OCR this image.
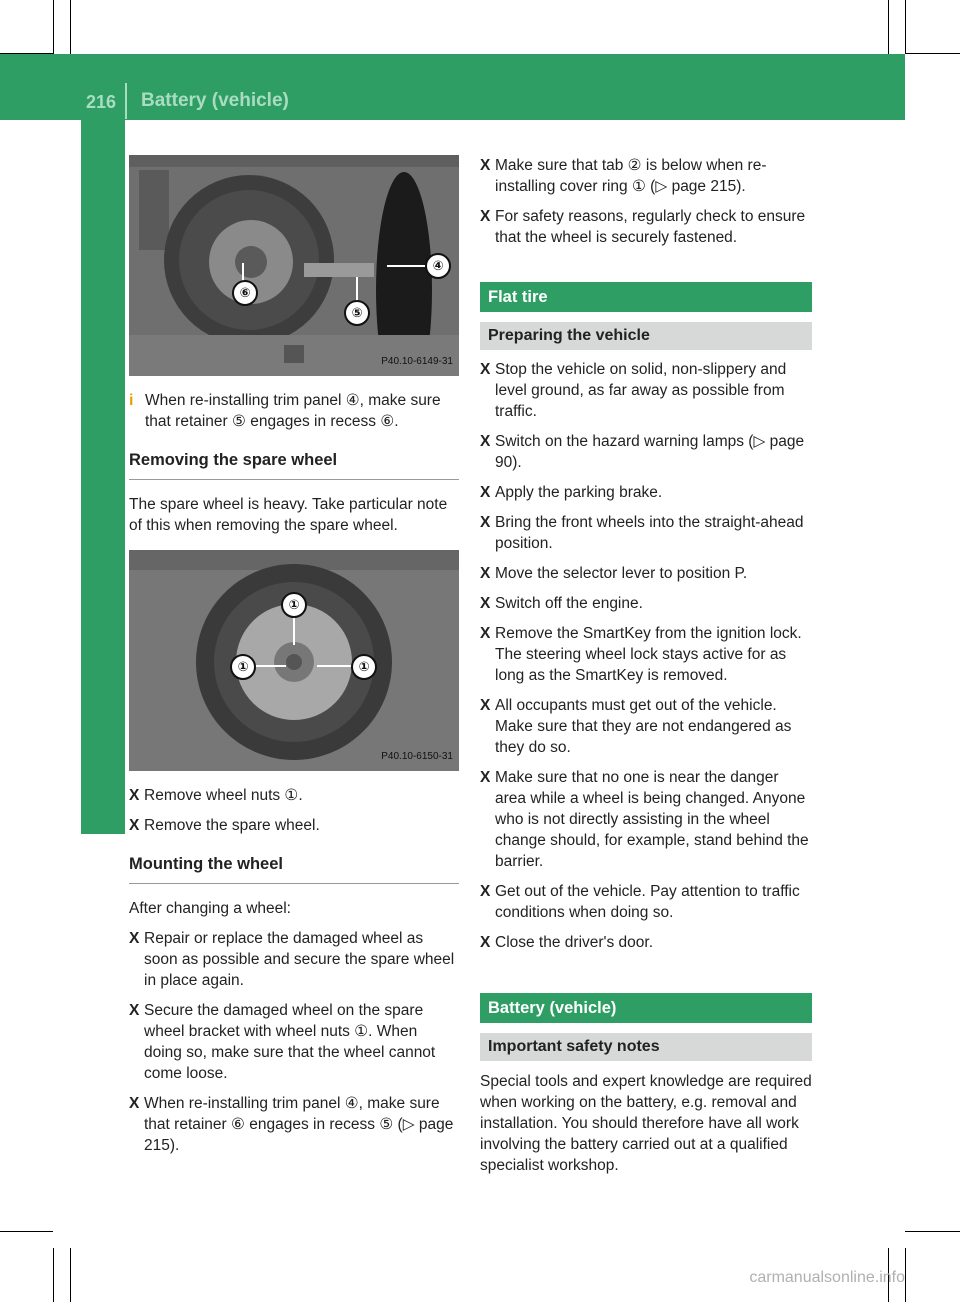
216 Battery (vehicle)
Roadside Assistance
④
⑥
⑤
P40.10-6149-31
i When re-installing trim panel ④, make sure that retainer ⑤ engages in recess ⑥.
Removing the spare wheel

The spare wheel is heavy. Take particular note of this when removing the spare wheel.

①
①	①
P40.10-6150-31
X Remove wheel nuts ①.
X Remove the spare wheel.
Mounting the wheel

After changing a wheel:

X Repair or replace the damaged wheel as soon as possible and secure the spare wheel in place again.
X Secure the damaged wheel on the spare wheel bracket with wheel nuts ①. When doing so, make sure that the wheel cannot come loose.
X When re-installing trim panel ④, make sure that retainer ⑥ engages in recess ⑤ (▷ page 215).
X Make sure that tab ② is below when re-installing cover ring ① (▷ page 215).
X For safety reasons, regularly check to ensure that the wheel is securely fastened.
Flat tire
Preparing the vehicle
X Stop the vehicle on solid, non-slippery and level ground, as far away as possible from traffic.
X Switch on the hazard warning lamps (▷ page 90).
X Apply the parking brake.
X Bring the front wheels into the straight-ahead position.
X Move the selector lever to position P.
X Switch off the engine.
X Remove the SmartKey from the ignition lock. The steering wheel lock stays active for as long as the SmartKey is removed.
X All occupants must get out of the vehicle. Make sure that they are not endangered as they do so.
X Make sure that no one is near the danger area while a wheel is being changed. Anyone who is not directly assisting in the wheel change should, for example, stand behind the barrier.
X Get out of the vehicle. Pay attention to traffic conditions when doing so.
X Close the driver's door.
Battery (vehicle)
Important safety notes

Special tools and expert knowledge are required when working on the battery, e.g. removal and installation. You should therefore have all work involving the battery carried out at a qualified specialist workshop.

carmanualsonline.info
